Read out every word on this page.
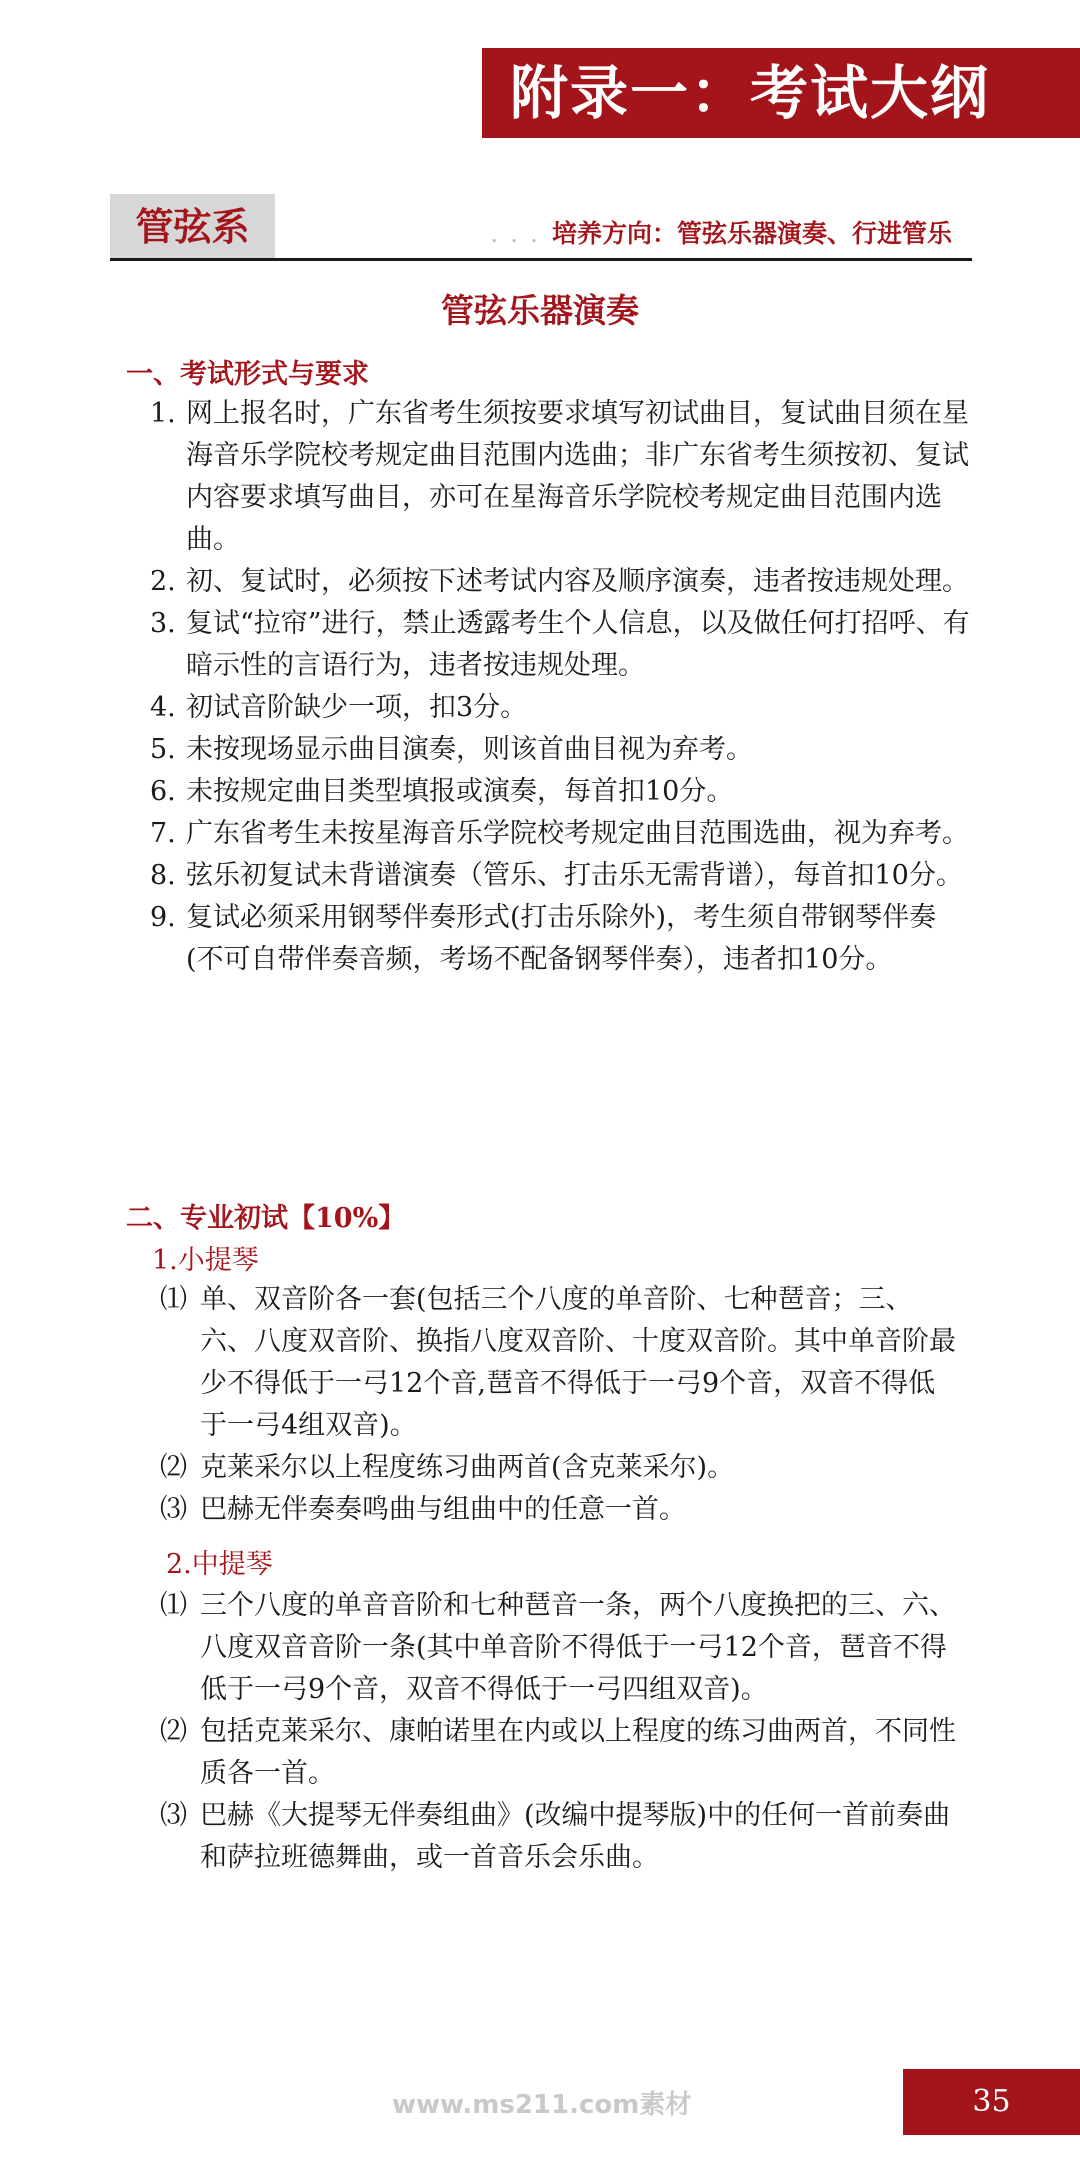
附录一：考试大纲
管弦系	. . . 培养方向：管弦乐器演奏、行进管乐
管弦乐器演奏
一、考试形式与要求
1. 网上报名时，广东省考生须按要求填写初试曲目，复试曲目须在星海音乐学院校考规定曲目范围内选曲；非广东省考生须按初、复试内容要求填写曲目，亦可在星海音乐学院校考规定曲目范围内选曲。
2. 初、复试时，必须按下述考试内容及顺序演奏，违者按违规处理。
3. 复试“拉帘”进行，禁止透露考生个人信息，以及做任何打招呼、有暗示性的言语行为，违者按违规处理。
4. 初试音阶缺少一项，扣3分。
5. 未按现场显示曲目演奏，则该首曲目视为弃考。
6. 未按规定曲目类型填报或演奏，每首扣10分。
7. 广东省考生未按星海音乐学院校考规定曲目范围选曲，视为弃考。
8. 弦乐初复试未背谱演奏（管乐、打击乐无需背谱），每首扣10分。
9. 复试必须采用钢琴伴奏形式(打击乐除外)，考生须自带钢琴伴奏(不可自带伴奏音频，考场不配备钢琴伴奏），违者扣10分。
二、专业初试【10%】
1.小提琴
⑴ 单、双音阶各一套(包括三个八度的单音阶、七种琶音；三、六、八度双音阶、换指八度双音阶、十度双音阶。其中单音阶最少不得低于一弓12个音,琶音不得低于一弓9个音，双音不得低于一弓4组双音)。
⑵ 克莱采尔以上程度练习曲两首(含克莱采尔)。
⑶ 巴赫无伴奏奏鸣曲与组曲中的任意一首。
2.中提琴
⑴ 三个八度的单音音阶和七种琶音一条，两个八度换把的三、六、八度双音音阶一条(其中单音阶不得低于一弓12个音，琶音不得低于一弓9个音，双音不得低于一弓四组双音)。
⑵ 包括克莱采尔、康帕诺里在内或以上程度的练习曲两首，不同性质各一首。
⑶ 巴赫《大提琴无伴奏组曲》(改编中提琴版)中的任何一首前奏曲和萨拉班德舞曲，或一首音乐会乐曲。
www.ms211.com素材	35
